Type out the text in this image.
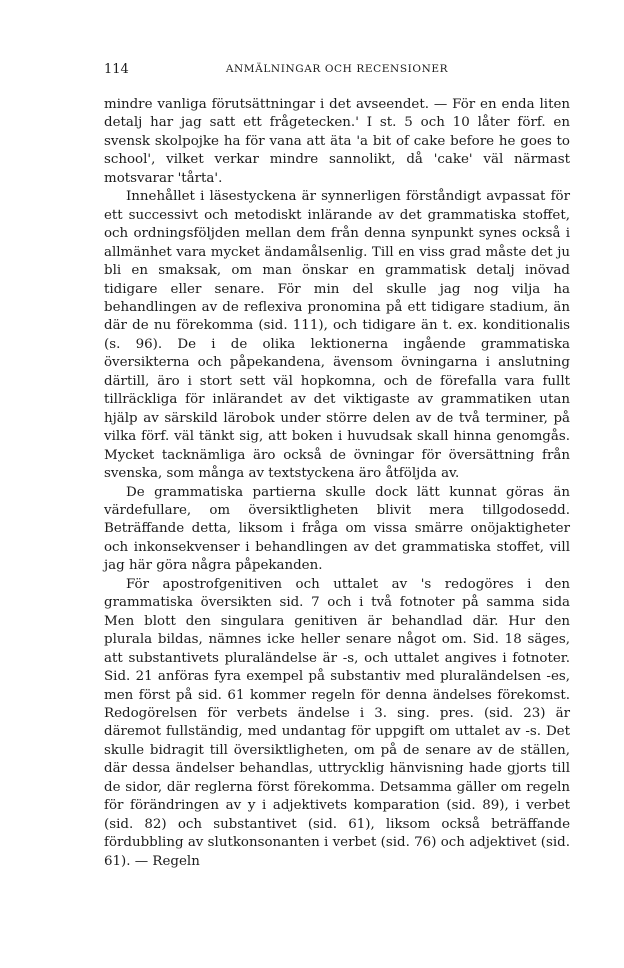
114	ANMÄLNINGAR OCH RECENSIONER

mindre vanliga förutsättningar i det avseendet. — För en enda liten detalj har jag satt ett frågetecken.' I st. 5 och 10 låter förf. en svensk skolpojke ha för vana att äta 'a bit of cake before he goes to school', vilket verkar mindre sannolikt, då 'cake' väl närmast motsvarar 'tårta'.

Innehållet i läsestyckena är synnerligen förståndigt avpassat för ett successivt och metodiskt inlärande av det grammatiska stoffet, och ordningsföljden mellan dem från denna synpunkt synes också i allmänhet vara mycket ändamålsenlig. Till en viss grad måste det ju bli en smaksak, om man önskar en grammatisk detalj inövad tidigare eller senare. För min del skulle jag nog vilja ha behandlingen av de reflexiva pronomina på ett tidigare stadium, än där de nu förekomma (sid. 111), och tidigare än t. ex. konditionalis (s. 96). De i de olika lektionerna ingående grammatiska översikterna och påpekandena, ävensom övningarna i anslutning därtill, äro i stort sett väl hopkomna, och de förefalla vara fullt tillräckliga för inlärandet av det viktigaste av grammatiken utan hjälp av särskild lärobok under större delen av de två terminer, på vilka förf. väl tänkt sig, att boken i huvudsak skall hinna genomgås. Mycket tacknämliga äro också de övningar för översättning från svenska, som många av textstyckena äro åtföljda av.

De grammatiska partierna skulle dock lätt kunnat göras än värdefullare, om översiktligheten blivit mera tillgodosedd. Beträffande detta, liksom i fråga om vissa smärre onöjaktigheter och inkonsekvenser i behandlingen av det grammatiska stoffet, vill jag här göra några påpekanden.

För apostrofgenitiven och uttalet av 's redogöres i den grammatiska översikten sid. 7 och i två fotnoter på samma sida Men blott den singulara genitiven är behandlad där. Hur den plurala bildas, nämnes icke heller senare något om. Sid. 18 säges, att substantivets pluraländelse är -s, och uttalet angives i fotnoter. Sid. 21 anföras fyra exempel på substantiv med pluraländelsen -es, men först på sid. 61 kommer regeln för denna ändelses förekomst. Redogörelsen för verbets ändelse i 3. sing. pres. (sid. 23) är däremot fullständig, med undantag för uppgift om uttalet av -s. Det skulle bidragit till översiktligheten, om på de senare av de ställen, där dessa ändelser behandlas, uttrycklig hänvisning hade gjorts till de sidor, där reglerna först förekomma. Detsamma gäller om regeln för förändringen av y i adjektivets komparation (sid. 89), i verbet (sid. 82) och substantivet (sid. 61), liksom också beträffande fördubbling av slutkonsonanten i verbet (sid. 76) och adjektivet (sid. 61). — Regeln
